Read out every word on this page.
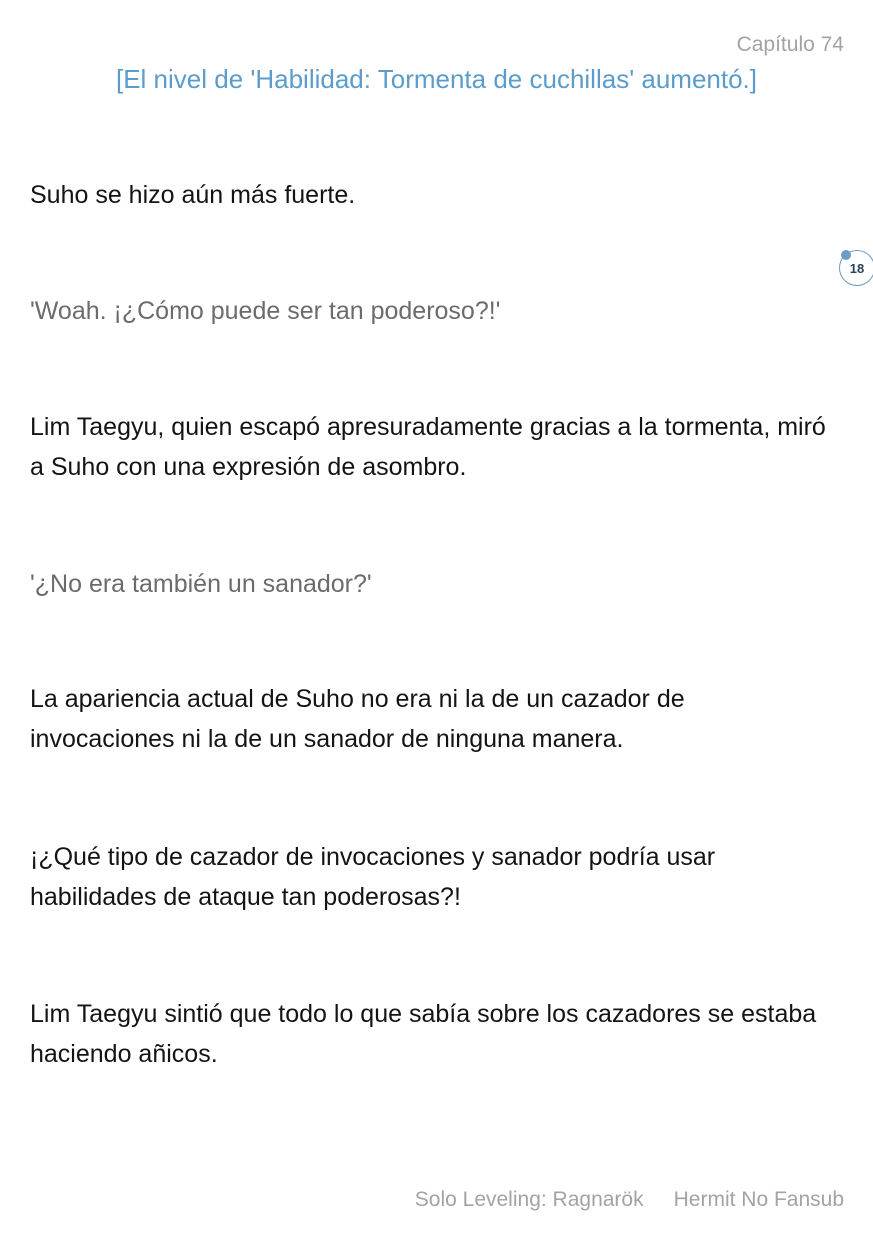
Capítulo 74

[El nivel de 'Habilidad: Tormenta de cuchillas' aumentó.]

Suho se hizo aún más fuerte.

18

'Woah. ¡¿Cómo puede ser tan poderoso?!'

Lim Taegyu, quien escapó apresuradamente gracias a la tormenta, miró a Suho con una expresión de asombro.

'¿No era también un sanador?'

La apariencia actual de Suho no era ni la de un cazador de invocaciones ni la de un sanador de ninguna manera.

¡¿Qué tipo de cazador de invocaciones y sanador podría usar habilidades de ataque tan poderosas?!

Lim Taegyu sintió que todo lo que sabía sobre los cazadores se estaba haciendo añicos.

Solo Leveling: Ragnarök Hermit No Fansub
